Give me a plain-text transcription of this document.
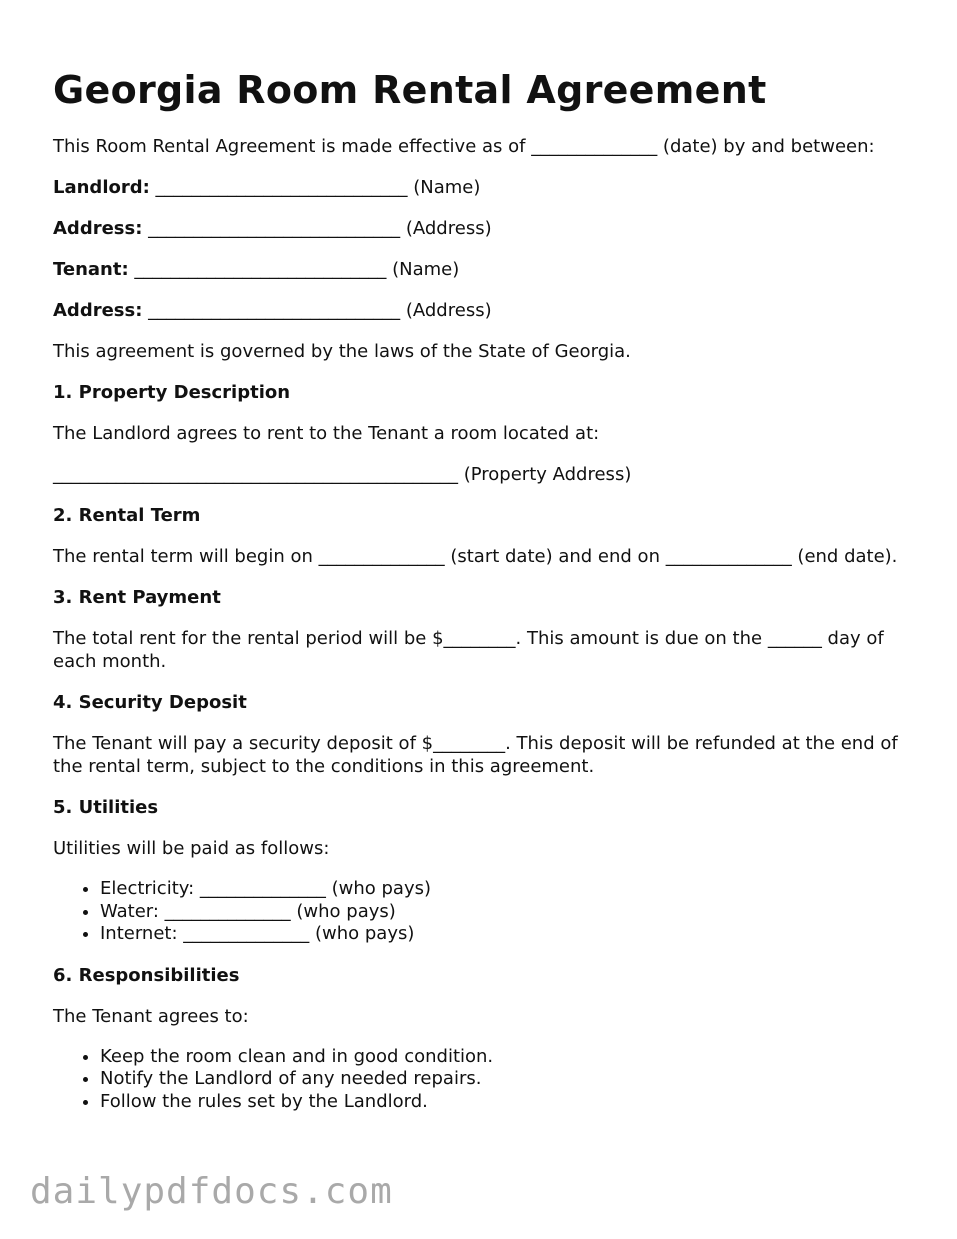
Georgia Room Rental Agreement

This Room Rental Agreement is made effective as of ______________ (date) by and between:

Landlord: ____________________________ (Name)

Address: ____________________________ (Address)

Tenant: ____________________________ (Name)

Address: ____________________________ (Address)

This agreement is governed by the laws of the State of Georgia.

1. Property Description

The Landlord agrees to rent to the Tenant a room located at:

_____________________________________________ (Property Address)

2. Rental Term

The rental term will begin on ______________ (start date) and end on ______________ (end date).

3. Rent Payment

The total rent for the rental period will be $________. This amount is due on the ______ day of each month.

4. Security Deposit

The Tenant will pay a security deposit of $________. This deposit will be refunded at the end of the rental term, subject to the conditions in this agreement.

5. Utilities

Utilities will be paid as follows:

• Electricity: ______________ (who pays)
• Water: ______________ (who pays)
• Internet: ______________ (who pays)
6. Responsibilities

The Tenant agrees to:

• Keep the room clean and in good condition.
• Notify the Landlord of any needed repairs.
• Follow the rules set by the Landlord.
dailypdfdocs.com
